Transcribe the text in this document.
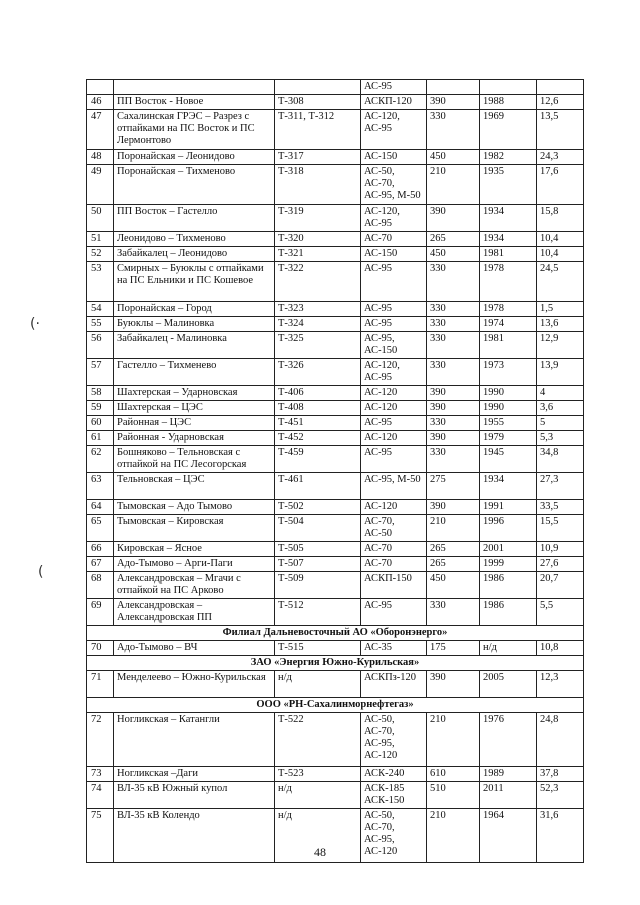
			АС-95			
46	ПП Восток - Новое	Т-308	АСКП-120	390	1988	12,6
47	Сахалинская ГРЭС – Разрез с отпайками на ПС Восток и ПС Лермонтово	Т-311, Т-312	АС-120, АС-95	330	1969	13,5
48	Поронайская – Леонидово	Т-317	АС-150	450	1982	24,3
49	Поронайская – Тихменово	Т-318	АС-50, АС-70, АС-95, М-50	210	1935	17,6
50	ПП Восток – Гастелло	Т-319	АС-120, АС-95	390	1934	15,8
51	Леонидово – Тихменово	Т-320	АС-70	265	1934	10,4
52	Забайкалец – Леонидово	Т-321	АС-150	450	1981	10,4
53	Смирных – Буюклы с отпайками на ПС Ельники и ПС Кошевое	Т-322	АС-95	330	1978	24,5
54	Поронайская – Город	Т-323	АС-95	330	1978	1,5
55	Буюклы – Малиновка	Т-324	АС-95	330	1974	13,6
56	Забайкалец - Малиновка	Т-325	АС-95, АС-150	330	1981	12,9
57	Гастелло – Тихменево	Т-326	АС-120, АС-95	330	1973	13,9
58	Шахтерская – Ударновская	Т-406	АС-120	390	1990	4
59	Шахтерская – ЦЭС	Т-408	АС-120	390	1990	3,6
60	Районная – ЦЭС	Т-451	АС-95	330	1955	5
61	Районная - Ударновская	Т-452	АС-120	390	1979	5,3
62	Бошняково – Тельновская с отпайкой на ПС Лесогорская	Т-459	АС-95	330	1945	34,8
63	Тельновская – ЦЭС	Т-461	АС-95, М-50	275	1934	27,3
64	Тымовская – Адо Тымово	Т-502	АС-120	390	1991	33,5
65	Тымовская – Кировская	Т-504	АС-70, АС-50	210	1996	15,5
66	Кировская – Ясное	Т-505	АС-70	265	2001	10,9
67	Адо-Тымово – Арги-Паги	Т-507	АС-70	265	1999	27,6
68	Александровская – Мгачи с отпайкой на ПС Арково	Т-509	АСКП-150	450	1986	20,7
69	Александровская – Александровская ПП	Т-512	АС-95	330	1986	5,5
Филиал Дальневосточный АО «Оборонэнерго»						
70	Адо-Тымово – ВЧ	Т-515	АС-35	175	н/д	10,8
ЗАО «Энергия Южно-Курильская»						
71	Менделеево – Южно-Курильская	н/д	АСКПз-120	390	2005	12,3
ООО «РН-Сахалинморнефтегаз»						
72	Ногликская – Катангли	Т-522	АС-50, АС-70, АС-95, АС-120	210	1976	24,8
73	Ногликская –Даги	Т-523	АСК-240	610	1989	37,8
74	ВЛ-35 кВ Южный купол	н/д	АСК-185 АСК-150	510	2011	52,3
75	ВЛ-35 кВ Колендо	н/д	АС-50, АС-70, АС-95, АС-120	210	1964	31,6
(·
(
48
